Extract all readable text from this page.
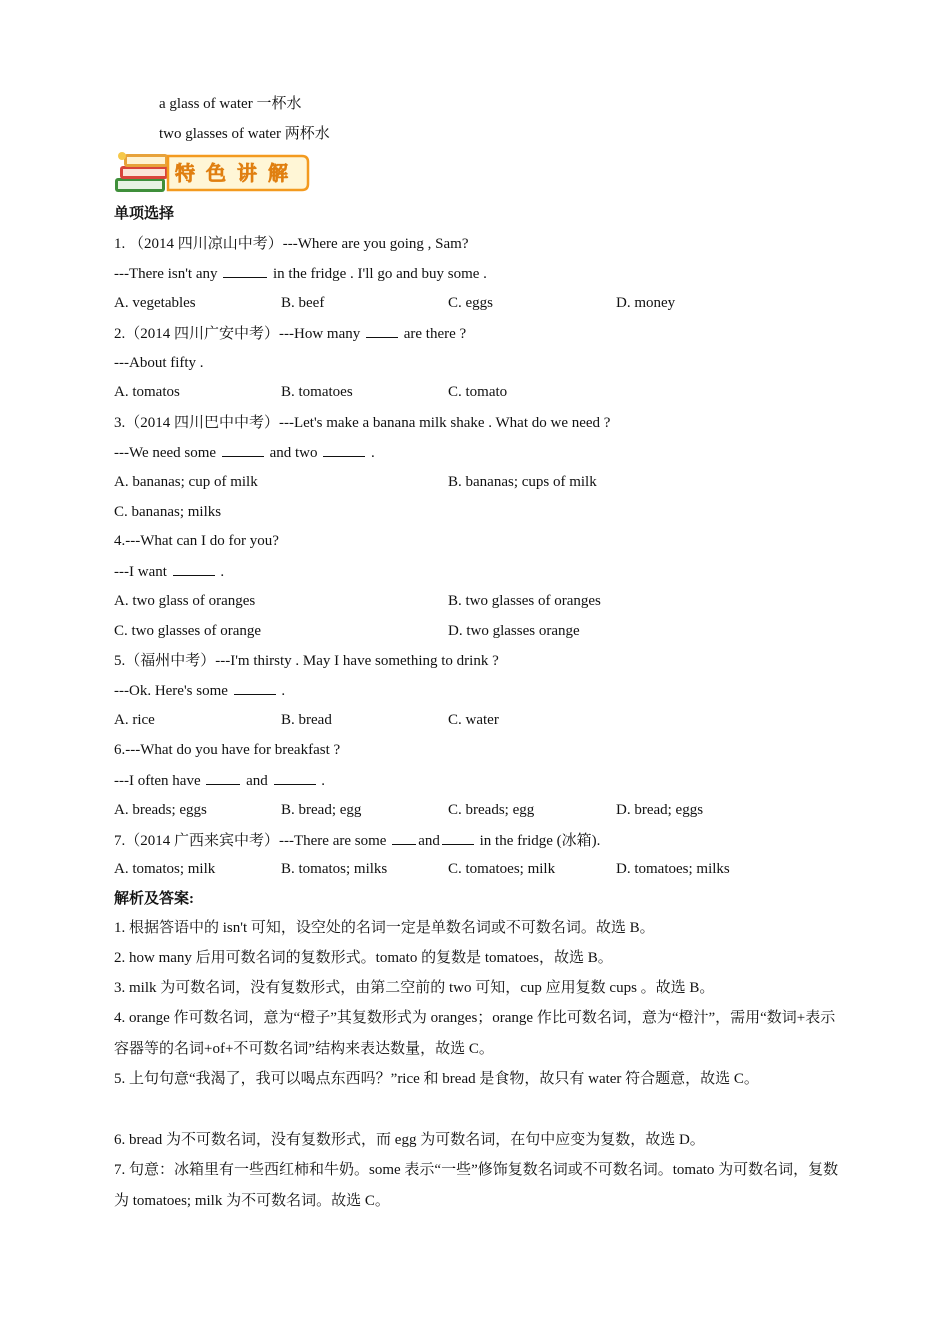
a glass of water 一杯水
two glasses of water 两杯水
特色讲解
单项选择
1. （2014 四川凉山中考）---Where are you going , Sam?
---There isn't any	in the fridge . I'll go and buy some .
A. vegetables	B. beef	C. eggs	D. money
2.（2014 四川广安中考）---How many  are there ?
---About fifty .
A. tomatos	B. tomatoes	C. tomato
3.（2014 四川巴中中考）---Let's make a banana milk shake . What do we need ?
---We need some	and two	.
A. bananas; cup of milk	B. bananas; cups of milk
C. bananas; milks
4.---What can I do for you?
---I want	.
A. two glass of oranges	B. two glasses of oranges
C. two glasses of orange	D. two glasses orange
5.（福州中考）---I'm thirsty . May I have something to drink ?
---Ok. Here's some	.
A. rice	B. bread	C. water
6.---What do you have for breakfast ?
---I often have	and	.
A. breads; eggs	B. bread; egg	C. breads; egg	D. bread; eggs
7.（2014 广西来宾中考）---There are some and in the fridge (冰箱).
A. tomatos; milk	B. tomatos; milks	C. tomatoes; milk	D. tomatoes; milks
解析及答案:
1. 根据答语中的 isn't 可知，设空处的名词一定是单数名词或不可数名词。故选 B。
2. how many 后用可数名词的复数形式。tomato 的复数是 tomatoes，故选 B。
3. milk 为可数名词，没有复数形式，由第二空前的 two 可知，cup 应用复数 cups 。故选 B。
4. orange 作可数名词，意为“橙子”其复数形式为 oranges；orange 作比可数名词，意为“橙汁”，需用“数词+表示容器等的名词+of+不可数名词”结构来表达数量，故选 C。
5. 上句句意“我渴了，我可以喝点东西吗？”rice 和 bread 是食物，故只有 water 符合题意，故选 C。
6. bread 为不可数名词，没有复数形式，而 egg 为可数名词，在句中应变为复数，故选 D。
7. 句意：冰箱里有一些西红柿和牛奶。some 表示“一些”修饰复数名词或不可数名词。tomato 为可数名词，复数为 tomatoes; milk 为不可数名词。故选 C。
